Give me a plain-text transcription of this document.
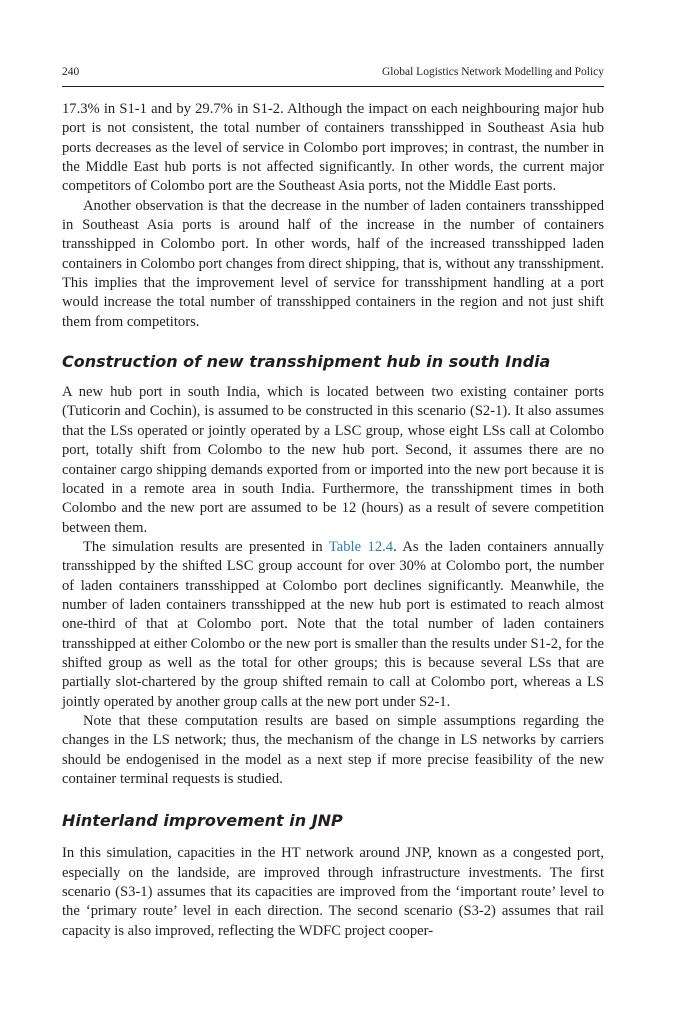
240	Global Logistics Network Modelling and Policy

17.3% in S1-1 and by 29.7% in S1-2. Although the impact on each neighbouring major hub port is not consistent, the total number of containers transshipped in Southeast Asia hub ports decreases as the level of service in Colombo port improves; in contrast, the number in the Middle East hub ports is not affected significantly. In other words, the current major competitors of Colombo port are the Southeast Asia ports, not the Middle East ports.

Another observation is that the decrease in the number of laden containers transshipped in Southeast Asia ports is around half of the increase in the number of containers transshipped in Colombo port. In other words, half of the increased transshipped laden containers in Colombo port changes from direct shipping, that is, without any transshipment. This implies that the improvement level of service for transshipment handling at a port would increase the total number of transshipped containers in the region and not just shift them from competitors.

Construction of new transshipment hub in south India

A new hub port in south India, which is located between two existing container ports (Tuticorin and Cochin), is assumed to be constructed in this scenario (S2-1). It also assumes that the LSs operated or jointly operated by a LSC group, whose eight LSs call at Colombo port, totally shift from Colombo to the new hub port. Second, it assumes there are no container cargo shipping demands exported from or imported into the new port because it is located in a remote area in south India. Furthermore, the transshipment times in both Colombo and the new port are assumed to be 12 (hours) as a result of severe competition between them.

The simulation results are presented in Table 12.4. As the laden containers annually transshipped by the shifted LSC group account for over 30% at Colombo port, the number of laden containers transshipped at Colombo port declines significantly. Meanwhile, the number of laden containers transshipped at the new hub port is estimated to reach almost one-third of that at Colombo port. Note that the total number of laden containers transshipped at either Colombo or the new port is smaller than the results under S1-2, for the shifted group as well as the total for other groups; this is because several LSs that are partially slot-chartered by the group shifted remain to call at Colombo port, whereas a LS jointly operated by another group calls at the new port under S2-1.

Note that these computation results are based on simple assumptions regarding the changes in the LS network; thus, the mechanism of the change in LS networks by carriers should be endogenised in the model as a next step if more precise feasibility of the new container terminal requests is studied.

Hinterland improvement in JNP

In this simulation, capacities in the HT network around JNP, known as a congested port, especially on the landside, are improved through infrastructure investments. The first scenario (S3-1) assumes that its capacities are improved from the ‘important route’ level to the ‘primary route’ level in each direction. The second scenario (S3-2) assumes that rail capacity is also improved, reflecting the WDFC project cooper-
